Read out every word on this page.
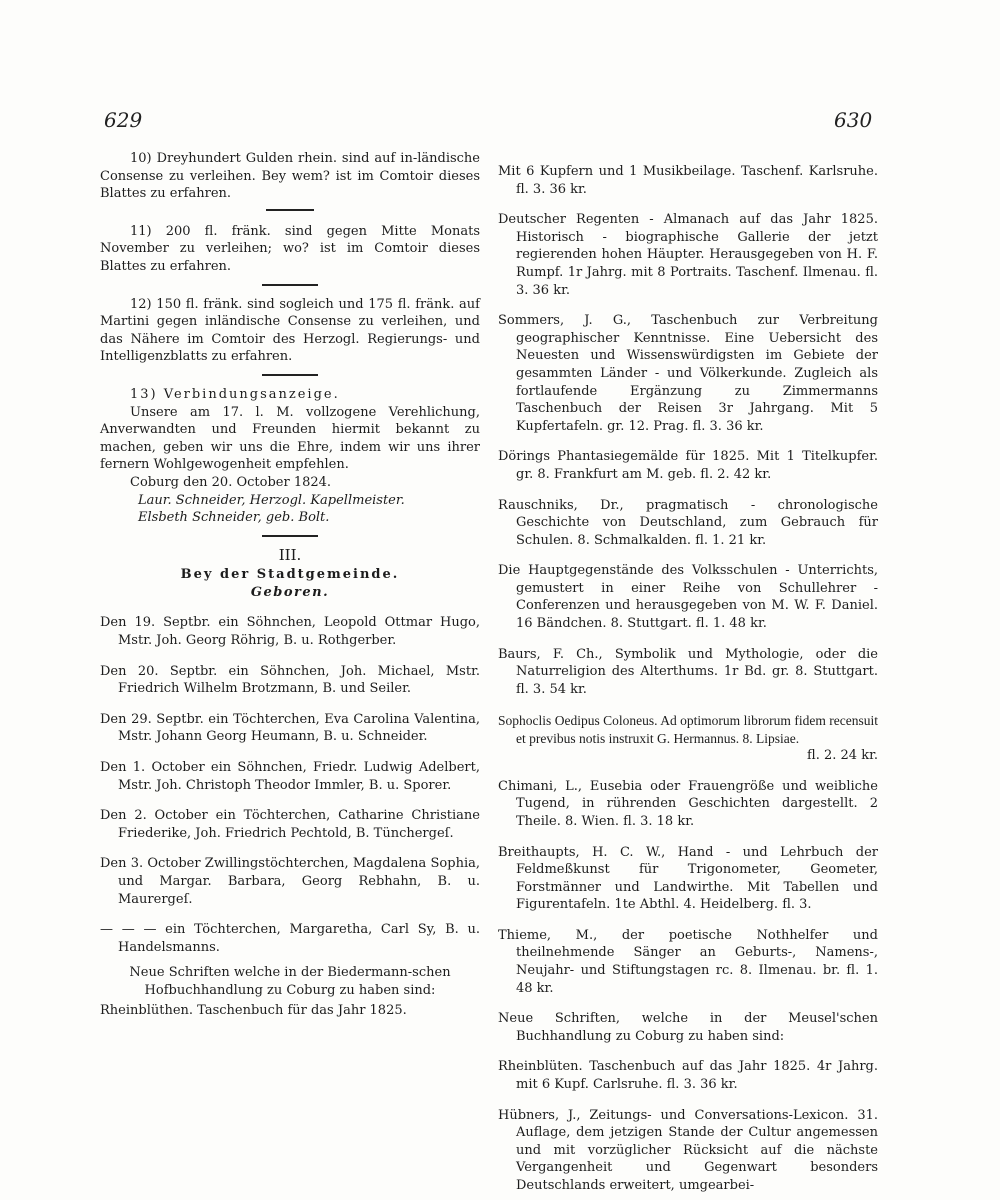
629	630

10) Dreyhundert Gulden rhein. sind auf in-ländische Consense zu verleihen. Bey wem? ist im Comtoir dieses Blattes zu erfahren.

11) 200 fl. fränk. sind gegen Mitte Monats November zu verleihen; wo? ist im Comtoir dieses Blattes zu erfahren.

12) 150 fl. fränk. sind sogleich und 175 fl. fränk. auf Martini gegen inländische Consense zu verleihen, und das Nähere im Comtoir des Herzogl. Regierungs- und Intelligenzblatts zu erfahren.

13) Verbindungsanzeige.

Unsere am 17. l. M. vollzogene Verehlichung, Anverwandten und Freunden hiermit bekannt zu machen, geben wir uns die Ehre, indem wir uns ihrer fernern Wohlgewogenheit empfehlen.

Coburg den 20. October 1824.

Laur. Schneider, Herzogl. Kapellmeister.
Elsbeth Schneider, geb. Bolt.
III.
Bey der Stadtgemeinde.
Geboren.

Den 19. Septbr. ein Söhnchen, Leopold Ottmar Hugo, Mstr. Joh. Georg Röhrig, B. u. Rothgerber.

Den 20. Septbr. ein Söhnchen, Joh. Michael, Mstr. Friedrich Wilhelm Brotzmann, B. und Seiler.

Den 29. Septbr. ein Töchterchen, Eva Carolina Valentina, Mstr. Johann Georg Heumann, B. u. Schneider.

Den 1. October ein Söhnchen, Friedr. Ludwig Adelbert, Mstr. Joh. Christoph Theodor Immler, B. u. Sporer.

Den 2. October ein Töchterchen, Catharine Christiane Friederike, Joh. Friedrich Pechtold, B. Tünchergeſ.

Den 3. October Zwillingstöchterchen, Magdalena Sophia, und Margar. Barbara, Georg Rebhahn, B. u. Maurergeſ.

— — — ein Töchterchen, Margaretha, Carl Sy, B. u. Handelsmanns.

Neue Schriften welche in der Biedermann-schen Hofbuchhandlung zu Coburg zu haben sind:

Rheinblüthen. Taschenbuch für das Jahr 1825.

Mit 6 Kupfern und 1 Musikbeilage. Taschenf. Karlsruhe. fl. 3. 36 kr.

Deutscher Regenten - Almanach auf das Jahr 1825. Historisch - biographische Gallerie der jetzt regierenden hohen Häupter. Herausgegeben von H. F. Rumpf. 1r Jahrg. mit 8 Portraits. Taschenf. Ilmenau. fl. 3. 36 kr.

Sommers, J. G., Taschenbuch zur Verbreitung geographischer Kenntnisse. Eine Uebersicht des Neuesten und Wissenswürdigsten im Gebiete der gesammten Länder - und Völkerkunde. Zugleich als fortlaufende Ergänzung zu Zimmermanns Taschenbuch der Reisen 3r Jahrgang. Mit 5 Kupfertafeln. gr. 12. Prag. fl. 3. 36 kr.

Dörings Phantasiegemälde für 1825. Mit 1 Titelkupfer. gr. 8. Frankfurt am M. geb. fl. 2. 42 kr.

Rauschniks, Dr., pragmatisch - chronologische Geschichte von Deutschland, zum Gebrauch für Schulen. 8. Schmalkalden. fl. 1. 21 kr.

Die Hauptgegenstände des Volksschulen - Unterrichts, gemustert in einer Reihe von Schullehrer - Conferenzen und herausgegeben von M. W. F. Daniel. 16 Bändchen. 8. Stuttgart. fl. 1. 48 kr.

Baurs, F. Ch., Symbolik und Mythologie, oder die Naturreligion des Alterthums. 1r Bd. gr. 8. Stuttgart. fl. 3. 54 kr.

Sophoclis Oedipus Coloneus. Ad optimorum librorum fidem recensuit et previbus notis instruxit G. Hermannus. 8. Lipsiae.

fl. 2. 24 kr.

Chimani, L., Eusebia oder Frauengröße und weibliche Tugend, in rührenden Geschichten dargestellt. 2 Theile. 8. Wien. fl. 3. 18 kr.

Breithaupts, H. C. W., Hand - und Lehrbuch der Feldmeßkunst für Trigonometer, Geometer, Forstmänner und Landwirthe. Mit Tabellen und Figurentafeln. 1te Abthl. 4. Heidelberg. fl. 3.

Thieme, M., der poetische Nothhelfer und theilnehmende Sänger an Geburts-, Namens-, Neujahr- und Stiftungstagen rc. 8. Ilmenau. br. fl. 1. 48 kr.

Neue Schriften, welche in der Meusel'schen Buchhandlung zu Coburg zu haben sind:

Rheinblüten. Taschenbuch auf das Jahr 1825. 4r Jahrg. mit 6 Kupf. Carlsruhe. fl. 3. 36 kr.

Hübners, J., Zeitungs- und Conversations-Lexicon. 31. Auflage, dem jetzigen Stande der Cultur angemessen und mit vorzüglicher Rücksicht auf die nächste Vergangenheit und Gegenwart besonders Deutschlands erweitert, umgearbei-
